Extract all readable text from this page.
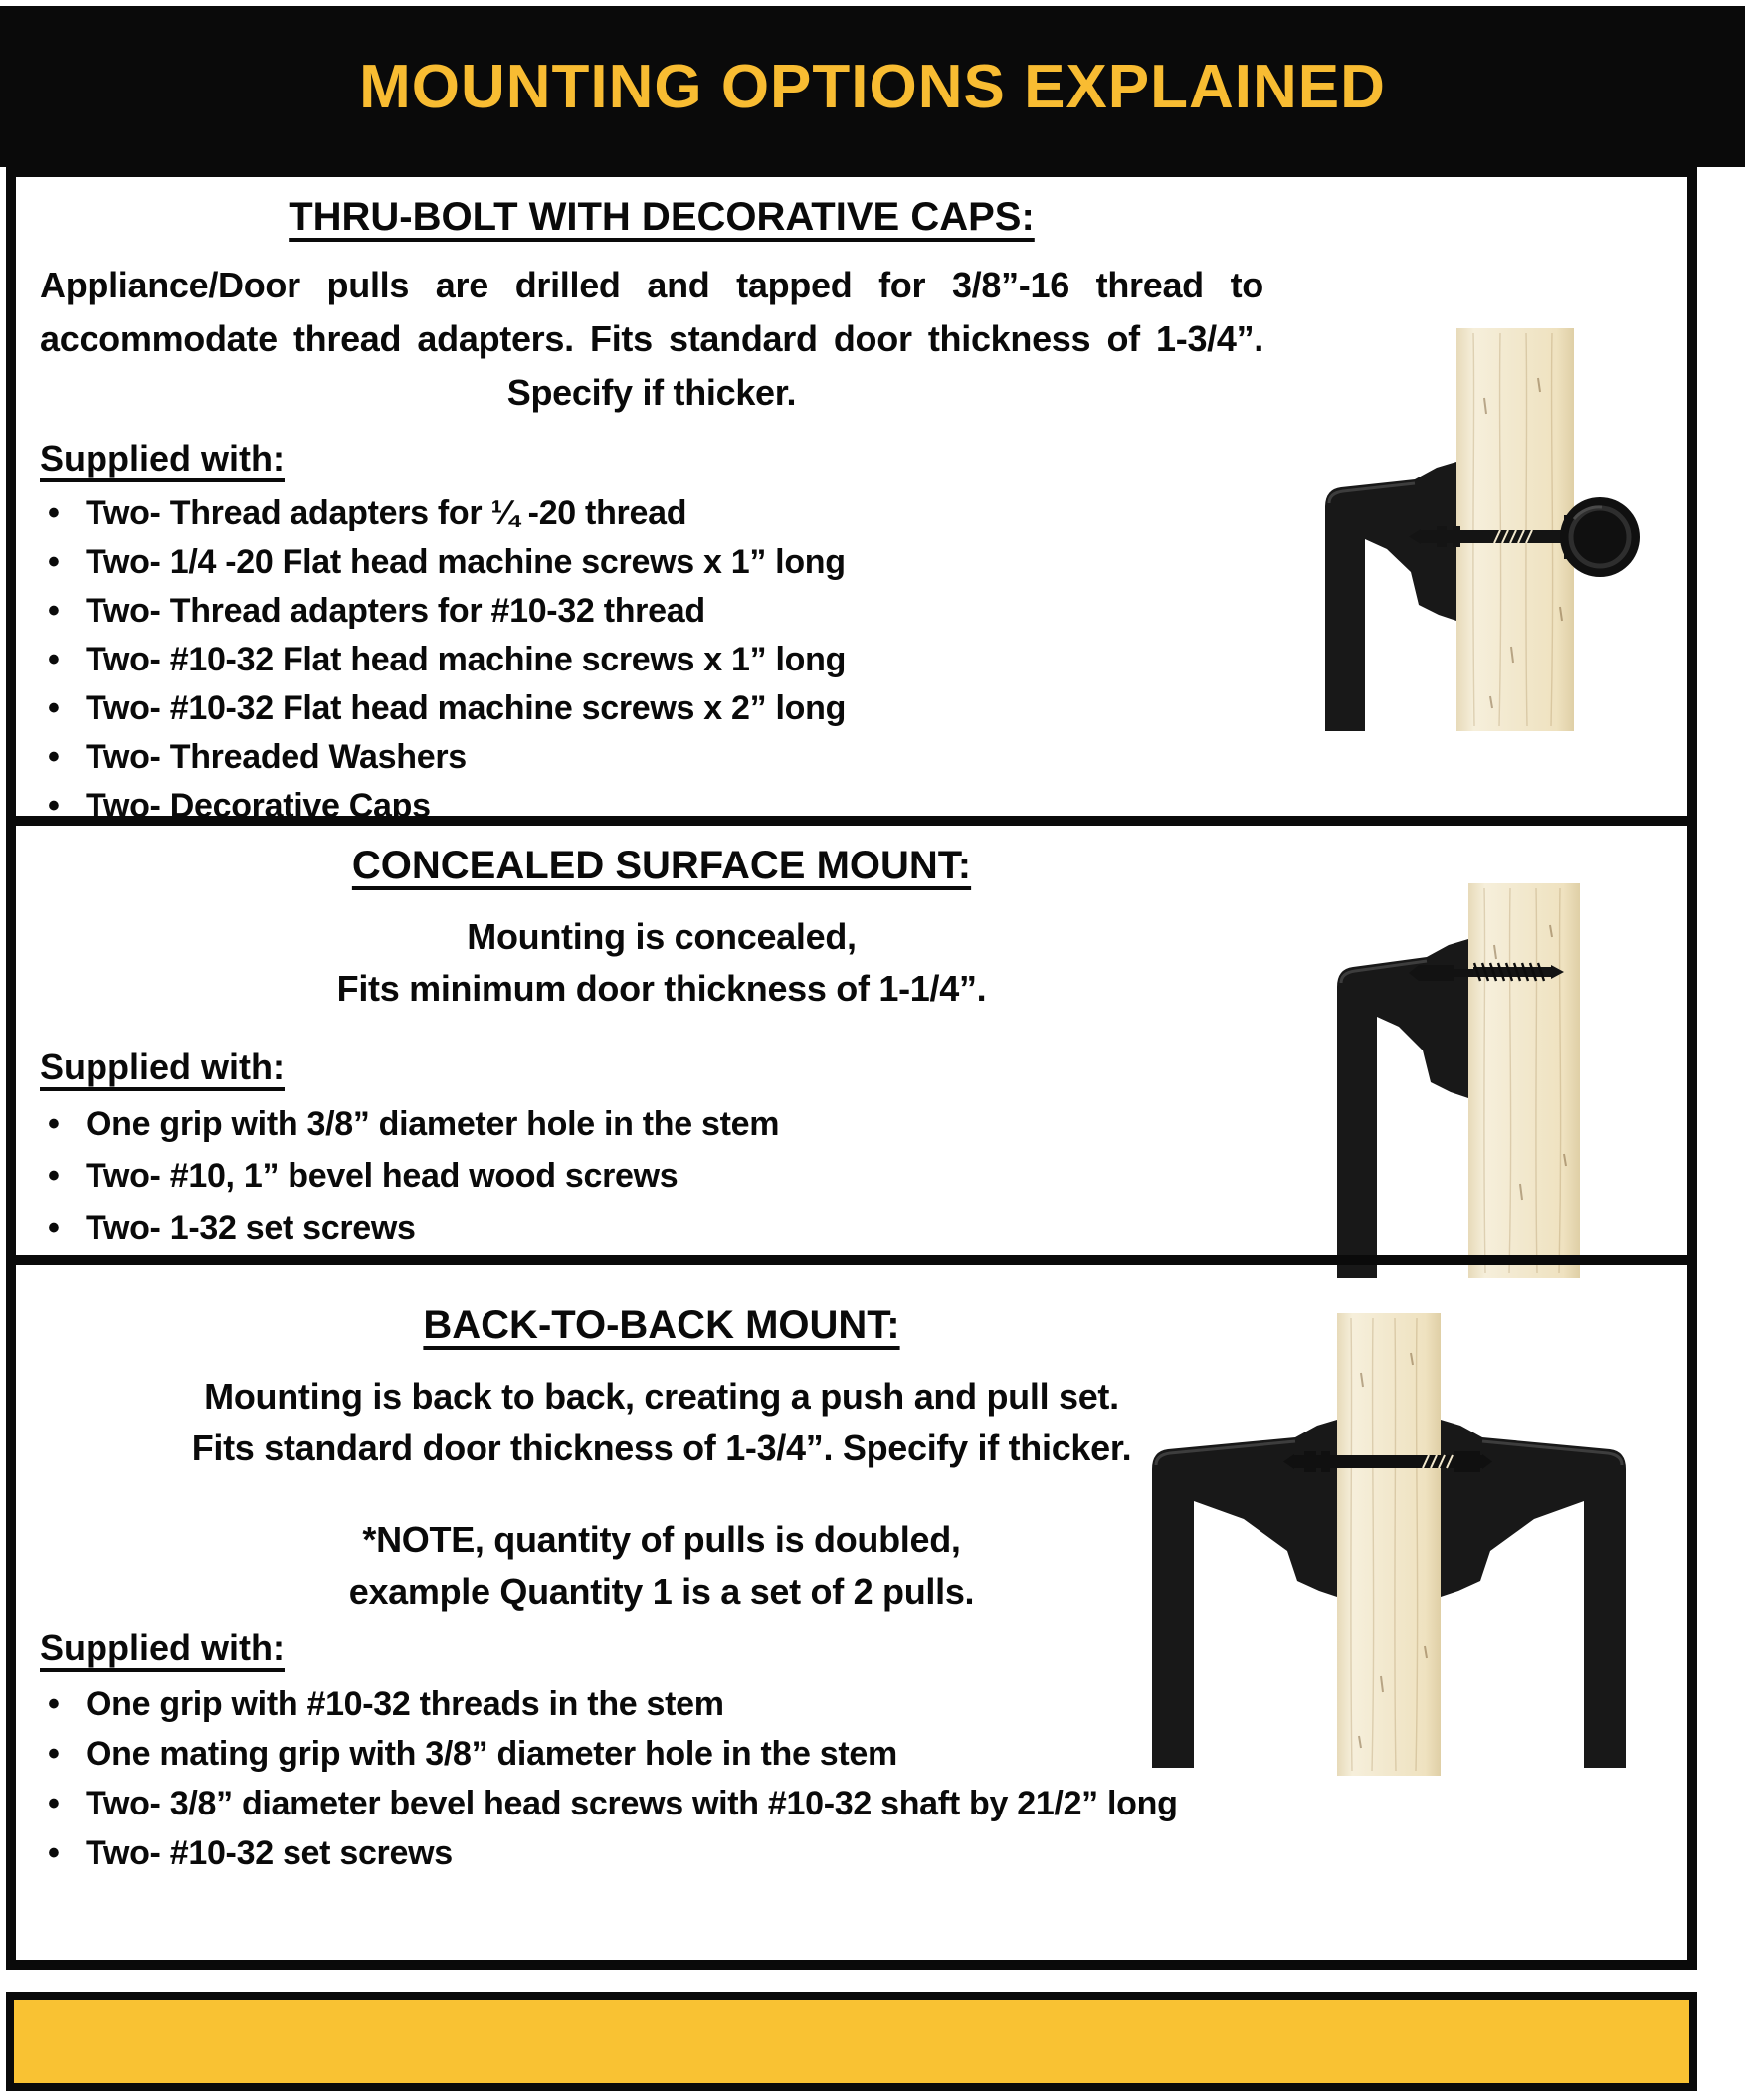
MOUNTING OPTIONS EXPLAINED
THRU-BOLT WITH DECORATIVE CAPS:

Appliance/Door pulls are drilled and tapped for 3/8”-16 thread to accommodate thread adapters. Fits standard door thickness of 1-3/4”. Specify if thicker.

Supplied with:
• Two- Thread adapters for ¼ -20 thread
• Two- 1/4 -20 Flat head machine screws x 1” long
• Two- Thread adapters for #10-32 thread
• Two- #10-32 Flat head machine screws x 1” long
• Two- #10-32 Flat head machine screws x 2” long
• Two- Threaded Washers
• Two- Decorative Caps
CONCEALED SURFACE MOUNT:
Mounting is concealed,
Fits minimum door thickness of 1-1/4”.
Supplied with:
• One grip with 3/8” diameter hole in the stem
• Two- #10, 1” bevel head wood screws
• Two- 1-32 set screws
BACK-TO-BACK MOUNT:
Mounting is back to back, creating a push and pull set.
Fits standard door thickness of 1-3/4”. Specify if thicker.
*NOTE, quantity of pulls is doubled,
example Quantity 1 is a set of 2 pulls.
Supplied with:
• One grip with #10-32 threads in the stem
• One mating grip with 3/8” diameter hole in the stem
• Two- 3/8” diameter bevel head screws with #10-32 shaft by 21/2” long
• Two- #10-32 set screws
